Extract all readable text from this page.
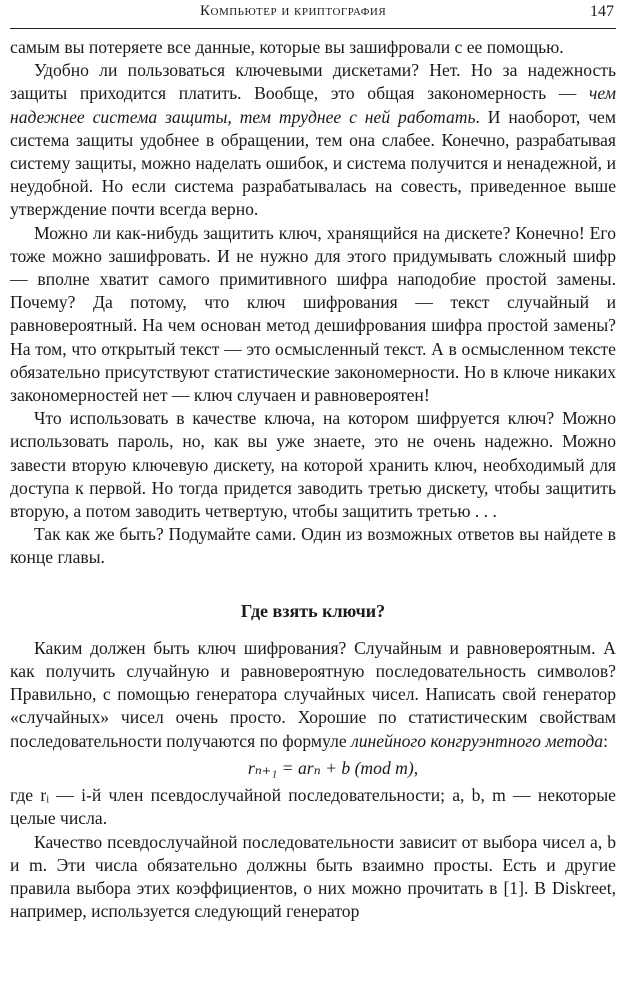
Компьютер и криптография	147

самым вы потеряете все данные, которые вы зашифровали с ее помощью.

Удобно ли пользоваться ключевыми дискетами? Нет. Но за надежность защиты приходится платить. Вообще, это общая закономерность — чем надежнее система защиты, тем труднее с ней работать. И наоборот, чем система защиты удобнее в обращении, тем она слабее. Конечно, разрабатывая систему защиты, можно наделать ошибок, и система получится и ненадежной, и неудобной. Но если система разрабатывалась на совесть, приведенное выше утверждение почти всегда верно.

Можно ли как-нибудь защитить ключ, хранящийся на дискете? Конечно! Его тоже можно зашифровать. И не нужно для этого придумывать сложный шифр — вполне хватит самого примитивного шифра наподобие простой замены. Почему? Да потому, что ключ шифрования — текст случайный и равновероятный. На чем основан метод дешифрования шифра простой замены? На том, что открытый текст — это осмысленный текст. А в осмысленном тексте обязательно присутствуют статистические закономерности. Но в ключе никаких закономерностей нет — ключ случаен и равновероятен!

Что использовать в качестве ключа, на котором шифруется ключ? Можно использовать пароль, но, как вы уже знаете, это не очень надежно. Можно завести вторую ключевую дискету, на которой хранить ключ, необходимый для доступа к первой. Но тогда придется заводить третью дискету, чтобы защитить вторую, а потом заводить четвертую, чтобы защитить третью . . .

Так как же быть? Подумайте сами. Один из возможных ответов вы найдете в конце главы.

Где взять ключи?

Каким должен быть ключ шифрования? Случайным и равновероятным. А как получить случайную и равновероятную последовательность символов? Правильно, с помощью генератора случайных чисел. Написать свой генератор «случайных» чисел очень просто. Хорошие по статистическим свойствам последовательности получаются по формуле линейного конгруэнтного метода:

rₙ₊₁ = arₙ + b (mod m),

где rᵢ — i-й член псевдослучайной последовательности; a, b, m — некоторые целые числа.

Качество псевдослучайной последовательности зависит от выбора чисел a, b и m. Эти числа обязательно должны быть взаимно просты. Есть и другие правила выбора этих коэффициентов, о них можно прочитать в [1]. В Diskreet, например, используется следующий генератор
